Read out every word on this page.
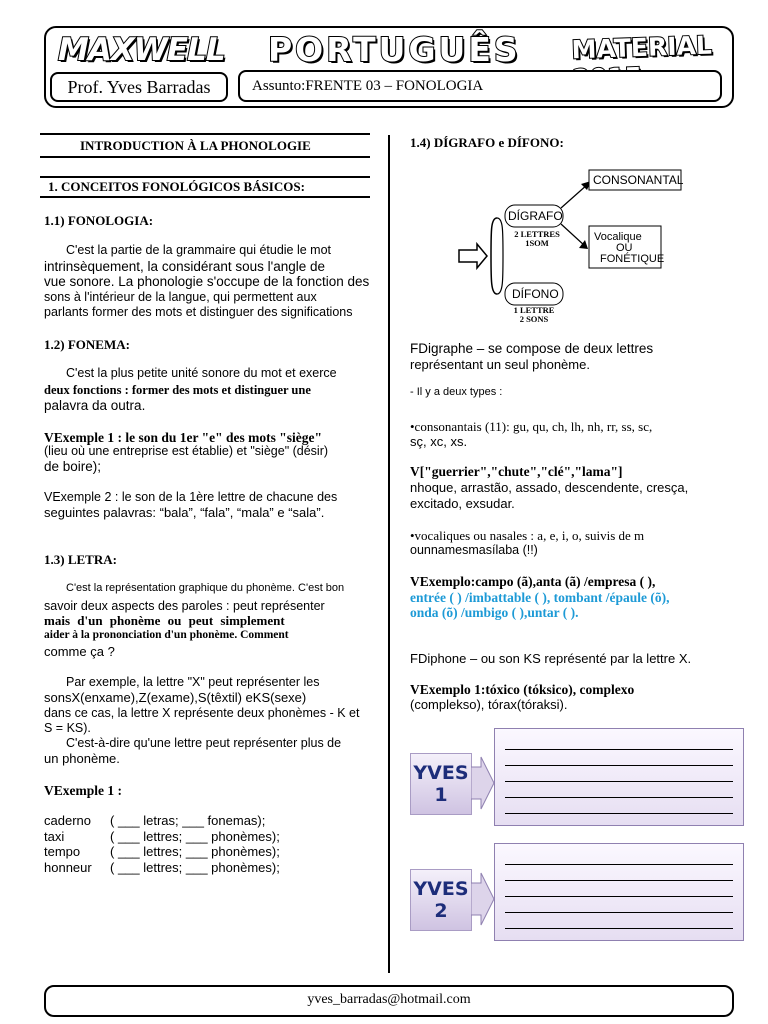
MAXWELL PORTUGUÊS MATERIAL
Prof. Yves Barradas	Assunto:FRENTE 03 – FONOLOGIA
INTRODUCTION À LA PHONOLOGIE
1. CONCEITOS FONOLÓGICOS BÁSICOS:
1.1) FONOLOGIA:
C'est la partie de la grammaire qui étudie le mot
intrinsèquement, la considérant sous l'angle de
vue sonore. La phonologie s'occupe de la fonction des
sons à l'intérieur de la langue, qui permettent aux
parlants former des mots et distinguer des significations
1.2) FONEMA:
C'est la plus petite unité sonore du mot et exerce
deux fonctions : former des mots et distinguer une
palavra da outra.
VExemple 1 : le son du 1er "e" des mots "siège"
(lieu où une entreprise est établie) et "siège" (désir)
de boire);
VExemple 2 : le son de la 1ère lettre de chacune des
seguintes palavras: “bala”, “fala”, “mala” e “sala”.
1.3) LETRA:
C'est la représentation graphique du phonème. C'est bon
savoir deux aspects des paroles : peut représenter
mais d'un phonème ou peut simplement
aider à la prononciation d'un phonème. Comment
comme ça ?
Par exemple, la lettre "X" peut représenter les
sonsX(enxame),Z(exame),S(têxtil) eKS(sexe)
dans ce cas, la lettre X représente deux phonèmes - K et
S = KS).
C'est-à-dire qu'une lettre peut représenter plus de
un phonème.
VExemple 1 :
caderno	( ___ letras; ___ fonemas);
taxi	( ___ lettres; ___ phonèmes);
tempo	( ___ lettres; ___ phonèmes);
honneur	( ___ lettres; ___ phonèmes);
1.4) DÍGRAFO e DÍFONO:
DÍGRAFO
2 LETTRES
1SOM
DÍFONO
1 LETTRE
2 SONS
CONSONANTAL
Vocalique
OU
FONÉTIQUE
FDigraphe – se compose de deux lettres
représentant un seul phonème.
- Il y a deux types :
•consonantais (11): gu, qu, ch, lh, nh, rr, ss, sc,
sç, xc, xs.
V["guerrier","chute","clé","lama"]
nhoque, arrastão, assado, descendente, cresça,
excitado, exsudar.
•vocaliques ou nasales : a, e, i, o, suivis de m
ounnamesmasílaba (!!)
VExemplo:campo (ã),anta (ã) /empresa ( ),
entrée ( ) /imbattable ( ), tombant /épaule (õ),
onda (õ) /umbigo ( ),untar ( ).
FDiphone – ou son KS représenté par la lettre X.
VExemplo 1:tóxico (tóksico), complexo
(complekso), tórax(tóraksi).
YVES
1
YVES
2
yves_barradas@hotmail.com
